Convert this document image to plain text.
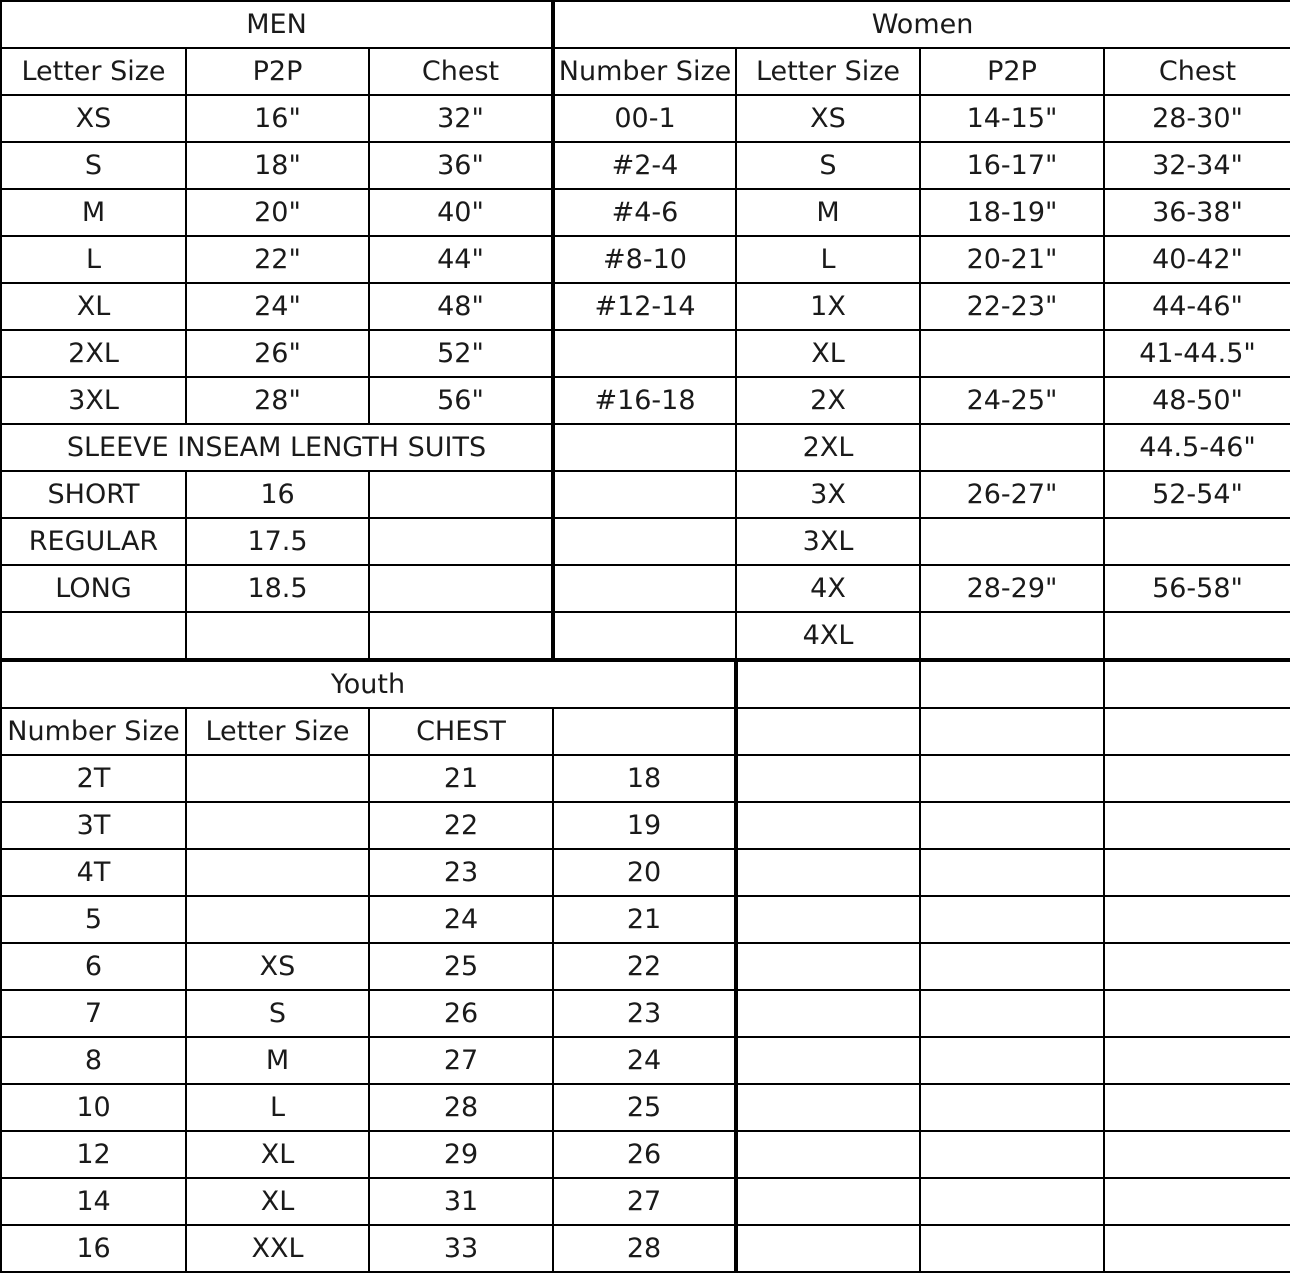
MEN			Women			
Letter Size	P2P	Chest	Number Size	Letter Size	P2P	Chest
XS	16"	32"	00-1	XS	14-15"	28-30"
S	18"	36"	#2-4	S	16-17"	32-34"
M	20"	40"	#4-6	M	18-19"	36-38"
L	22"	44"	#8-10	L	20-21"	40-42"
XL	24"	48"	#12-14	1X	22-23"	44-46"
2XL	26"	52"		XL		41-44.5"
3XL	28"	56"	#16-18	2X	24-25"	48-50"
SLEEVE INSEAM LENGTH SUITS				2XL		44.5-46"
SHORT	16			3X	26-27"	52-54"
REGULAR	17.5			3XL		
LONG	18.5			4X	28-29"	56-58"
				4XL		
Youth						
Number Size	Letter Size	CHEST				
2T		21	18			
3T		22	19			
4T		23	20			
5		24	21			
6	XS	25	22			
7	S	26	23			
8	M	27	24			
10	L	28	25			
12	XL	29	26			
14	XL	31	27			
16	XXL	33	28			
